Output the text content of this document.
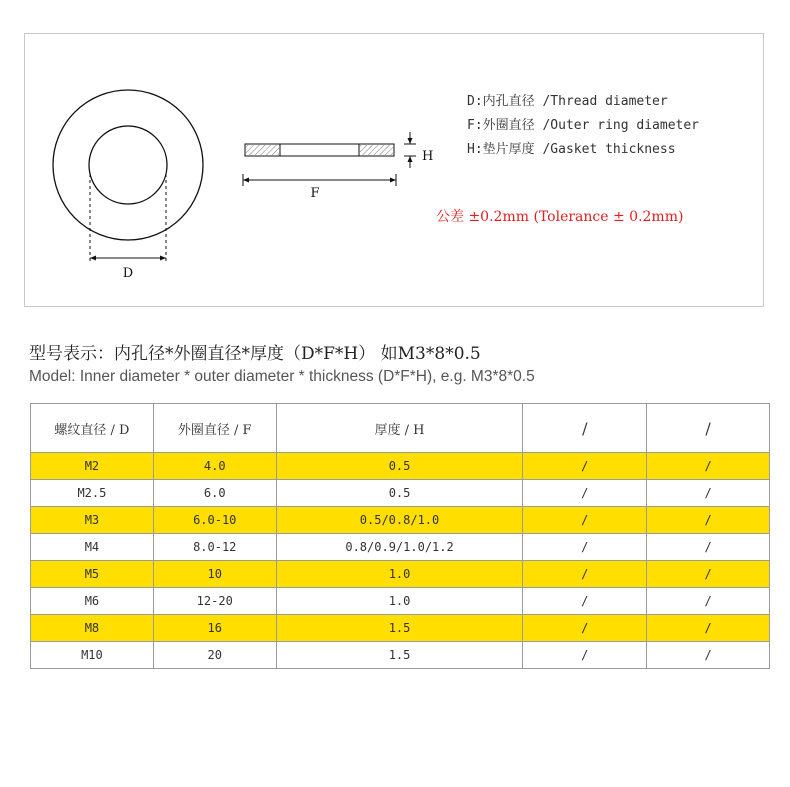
D
F
H
D:内孔直径 /Thread diameter
F:外圈直径 /Outer ring diameter
H:垫片厚度 /Gasket thickness
公差 ±0.2mm (Tolerance ± 0.2mm)
型号表示：内孔径*外圈直径*厚度（D*F*H） 如M3*8*0.5
Model: Inner diameter * outer diameter * thickness (D*F*H), e.g. M3*8*0.5
螺纹直径 / D	外圈直径 / F	厚度 / H	/	/
M2	4.0	0.5	/	/
M2.5	6.0	0.5	/	/
M3	6.0-10	0.5/0.8/1.0	/	/
M4	8.0-12	0.8/0.9/1.0/1.2	/	/
M5	10	1.0	/	/
M6	12-20	1.0	/	/
M8	16	1.5	/	/
M10	20	1.5	/	/
